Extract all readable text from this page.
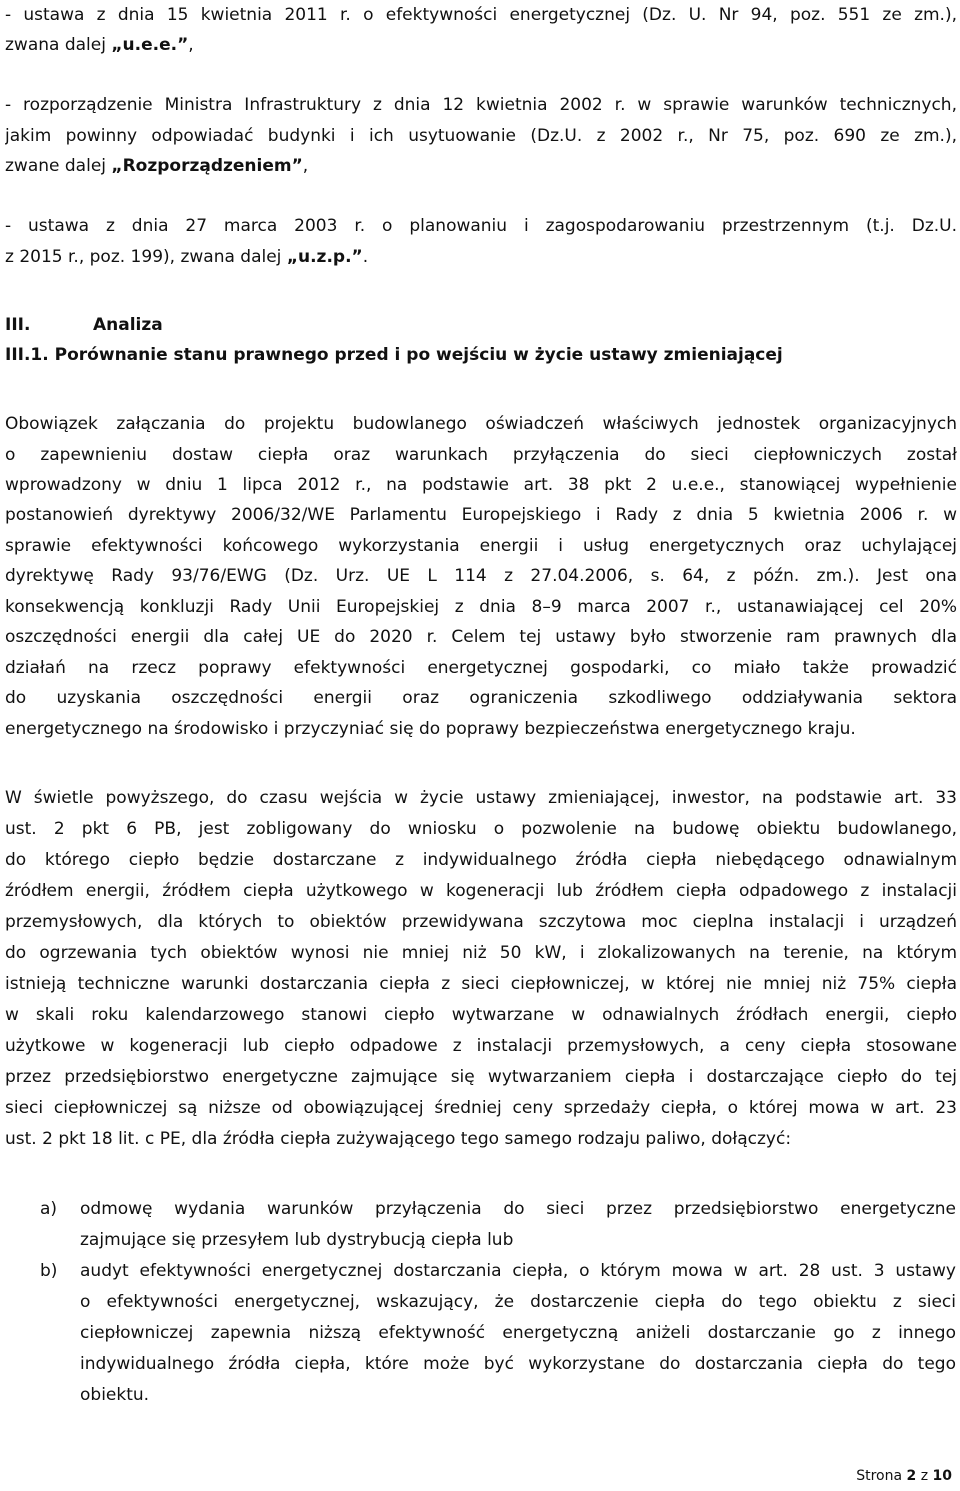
- ustawa z dnia 15 kwietnia 2011 r. o efektywności energetycznej (Dz. U. Nr 94, poz. 551 ze zm.),
zwana dalej „u.e.e.”,
- rozporządzenie Ministra Infrastruktury z dnia 12 kwietnia 2002 r. w sprawie warunków technicznych,
jakim powinny odpowiadać budynki i ich usytuowanie (Dz.U. z 2002 r., Nr 75, poz. 690 ze zm.),
zwane dalej „Rozporządzeniem”,
- ustawa z dnia 27 marca 2003 r. o planowaniu i zagospodarowaniu przestrzennym (t.j. Dz.U.
z 2015 r., poz. 199), zwana dalej „u.z.p.”.
III.	Analiza
III.1. Porównanie stanu prawnego przed i po wejściu w życie ustawy zmieniającej
Obowiązek załączania do projektu budowlanego oświadczeń właściwych jednostek organizacyjnych
o zapewnieniu dostaw ciepła oraz warunkach przyłączenia do sieci ciepłowniczych został
wprowadzony w dniu 1 lipca 2012 r., na podstawie art. 38 pkt 2 u.e.e., stanowiącej wypełnienie
postanowień dyrektywy 2006/32/WE Parlamentu Europejskiego i Rady z dnia 5 kwietnia 2006 r. w
sprawie efektywności końcowego wykorzystania energii i usług energetycznych oraz uchylającej
dyrektywę Rady 93/76/EWG (Dz. Urz. UE L 114 z 27.04.2006, s. 64, z późn. zm.). Jest ona
konsekwencją konkluzji Rady Unii Europejskiej z dnia 8–9 marca 2007 r., ustanawiającej cel 20%
oszczędności energii dla całej UE do 2020 r. Celem tej ustawy było stworzenie ram prawnych dla
działań na rzecz poprawy efektywności energetycznej gospodarki, co miało także prowadzić
do uzyskania oszczędności energii oraz ograniczenia szkodliwego oddziaływania sektora
energetycznego na środowisko i przyczyniać się do poprawy bezpieczeństwa energetycznego kraju.
W świetle powyższego, do czasu wejścia w życie ustawy zmieniającej, inwestor, na podstawie art. 33
ust. 2 pkt 6 PB, jest zobligowany do wniosku o pozwolenie na budowę obiektu budowlanego,
do którego ciepło będzie dostarczane z indywidualnego źródła ciepła niebędącego odnawialnym
źródłem energii, źródłem ciepła użytkowego w kogeneracji lub źródłem ciepła odpadowego z instalacji
przemysłowych, dla których to obiektów przewidywana szczytowa moc cieplna instalacji i urządzeń
do ogrzewania tych obiektów wynosi nie mniej niż 50 kW, i zlokalizowanych na terenie, na którym
istnieją techniczne warunki dostarczania ciepła z sieci ciepłowniczej, w której nie mniej niż 75% ciepła
w skali roku kalendarzowego stanowi ciepło wytwarzane w odnawialnych źródłach energii, ciepło
użytkowe w kogeneracji lub ciepło odpadowe z instalacji przemysłowych, a ceny ciepła stosowane
przez przedsiębiorstwo energetyczne zajmujące się wytwarzaniem ciepła i dostarczające ciepło do tej
sieci ciepłowniczej są niższe od obowiązującej średniej ceny sprzedaży ciepła, o której mowa w art. 23
ust. 2 pkt 18 lit. c PE, dla źródła ciepła zużywającego tego samego rodzaju paliwo, dołączyć:
a) odmowę wydania warunków przyłączenia do sieci przez przedsiębiorstwo energetyczne
zajmujące się przesyłem lub dystrybucją ciepła lub
b) audyt efektywności energetycznej dostarczania ciepła, o którym mowa w art. 28 ust. 3 ustawy
o efektywności energetycznej, wskazujący, że dostarczenie ciepła do tego obiektu z sieci
ciepłowniczej zapewnia niższą efektywność energetyczną aniżeli dostarczanie go z innego
indywidualnego źródła ciepła, które może być wykorzystane do dostarczania ciepła do tego
obiektu.
Strona 2 z 10
